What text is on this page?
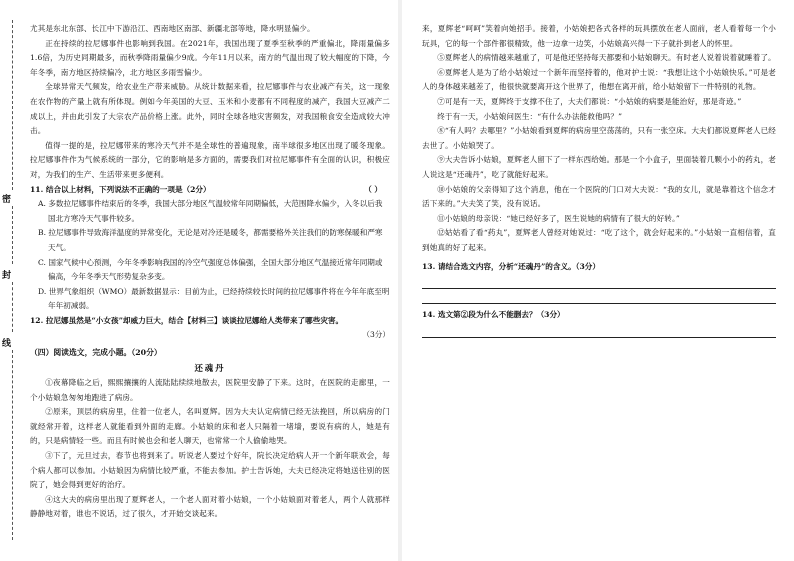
密
封
线

尤其是东北东部、长江中下游沿江、西南地区南部、新疆北部等地，降水明显偏少。

正在持续的拉尼娜事件也影响到我国。在2021年，我国出现了夏季至秋季的严重偏北，降雨量偏多1.6倍，为历史同期最多，而秋季降雨量偏少9成。今年11月以来，南方的气温出现了较大幅度的下降，今年冬季，南方地区持续偏冷，北方地区多雨雪偏少。

全球异常天气频发，给农业生产带来威胁。从统计数据来看，拉尼娜事件与农业减产有关，这一现象在农作物的产量上就有所体现。例如今年美国的大豆、玉米和小麦都有不同程度的减产，我国大豆减产二成以上，并由此引发了大宗农产品价格上涨。此外，同时全球各地灾害频发，对我国粮食安全造成较大冲击。

值得一提的是，拉尼娜带来的寒冷天气并不是全球性的普遍现象，南半球很多地区出现了暖冬现象。拉尼娜事件作为气候系统的一部分，它的影响是多方面的，需要我们对拉尼娜事件有全面的认识，积极应对，为我们的生产、生活带来更多便利。

11. 结合以上材料，下列说法不正确的一项是（2分）	（ ）

A. 多数拉尼娜事件结束后的冬季，我国大部分地区气温较常年同期偏低，大范围降水偏少，入冬以后我国北方寒冷天气事件较多。

B. 拉尼娜事件导致海洋温度的异常变化，无论是对冷还是暖冬，都需要格外关注我们的防寒保暖和严寒天气。

C. 国家气候中心预测，今年冬季影响我国的冷空气强度总体偏强，全国大部分地区气温接近常年同期或偏高，今年冬季天气形势复杂多变。

D. 世界气象组织（WMO）最新数据显示：目前为止，已经持续较长时间的拉尼娜事件将在今年年底至明年年初减弱。

12. 拉尼娜虽然是“小女孩”却威力巨大，结合【材料三】谈谈拉尼娜给人类带来了哪些灾害。

（3分）

（四）阅读选文，完成小题。（20分）

还魂丹

①夜幕降临之后，熙熙攘攘的人流陆陆续续地散去，医院里安静了下来。这时，在医院的走廊里，一个小姑娘急匆匆地跑进了病房。

②原来，顶层的病房里，住着一位老人，名叫夏辉。因为大夫认定病情已经无法挽回，所以病房的门就经常开着，这样老人就能看到外面的走廊。小姑娘的床和老人只隔着一堵墙，要说有病的人，她是有的，只是病情轻一些。而且有时候也会和老人聊天，也常常一个人偷偷地哭。

③下了，元旦过去，春节也将到来了。听说老人要过个好年，院长决定给病人开一个新年联欢会，每个病人都可以参加。小姑娘因为病情比较严重，不能去参加。护士告诉她，大夫已经决定将她送往别的医院了，她会得到更好的治疗。

④这大夫的病房里出现了夏辉老人，一个老人面对着小姑娘，一个小姑娘面对着老人，两个人就那样静静地对着，谁也不说话，过了很久，才开始交谈起来。

来，夏辉老“呵呵”笑着向她招手。接着，小姑娘把各式各样的玩具摆放在老人面前，老人看着每一个小玩具，它的每一个部件都很精致，他一边拿一边笑，小姑娘高兴得一下子就扑到老人的怀里。

⑤夏辉老人的病情越来越重了，可是他还坚持每天都要和小姑娘聊天。有时老人说着说着就睡着了。

⑥夏辉老人是为了给小姑娘过一个新年而坚持着的，他对护士说：“我想让这个小姑娘快乐。”可是老人的身体越来越差了，他很快就要离开这个世界了，他想在离开前，给小姑娘留下一件特别的礼物。

⑦可是有一天，夏辉终于支撑不住了，大夫们都说：“小姑娘的病要是能治好，那是奇迹。”

终于有一天，小姑娘问医生：“有什么办法能救他吗？”

⑧“有人吗？去哪里？”小姑娘看到夏辉的病房里空荡荡的，只有一张空床。大夫们都说夏辉老人已经去世了。小姑娘哭了。

⑨大夫告诉小姑娘，夏辉老人留下了一样东西给她。那是一个小盒子，里面装着几颗小小的药丸，老人说这是“还魂丹”，吃了就能好起来。

⑩小姑娘的父亲得知了这个消息，他在一个医院的门口对大夫说：“我的女儿，就是靠着这个信念才活下来的。”大夫笑了笑，没有说话。

⑪小姑娘的母亲说：“她已经好多了，医生说她的病情有了很大的好转。”

⑫姑姑看了看“药丸”，夏辉老人曾经对她说过：“吃了这个，就会好起来的。”小姑娘一直相信着，直到她真的好了起来。

13. 请结合选文内容，分析“还魂丹”的含义。（3分）

14. 选文第②段为什么不能删去？（3分）
